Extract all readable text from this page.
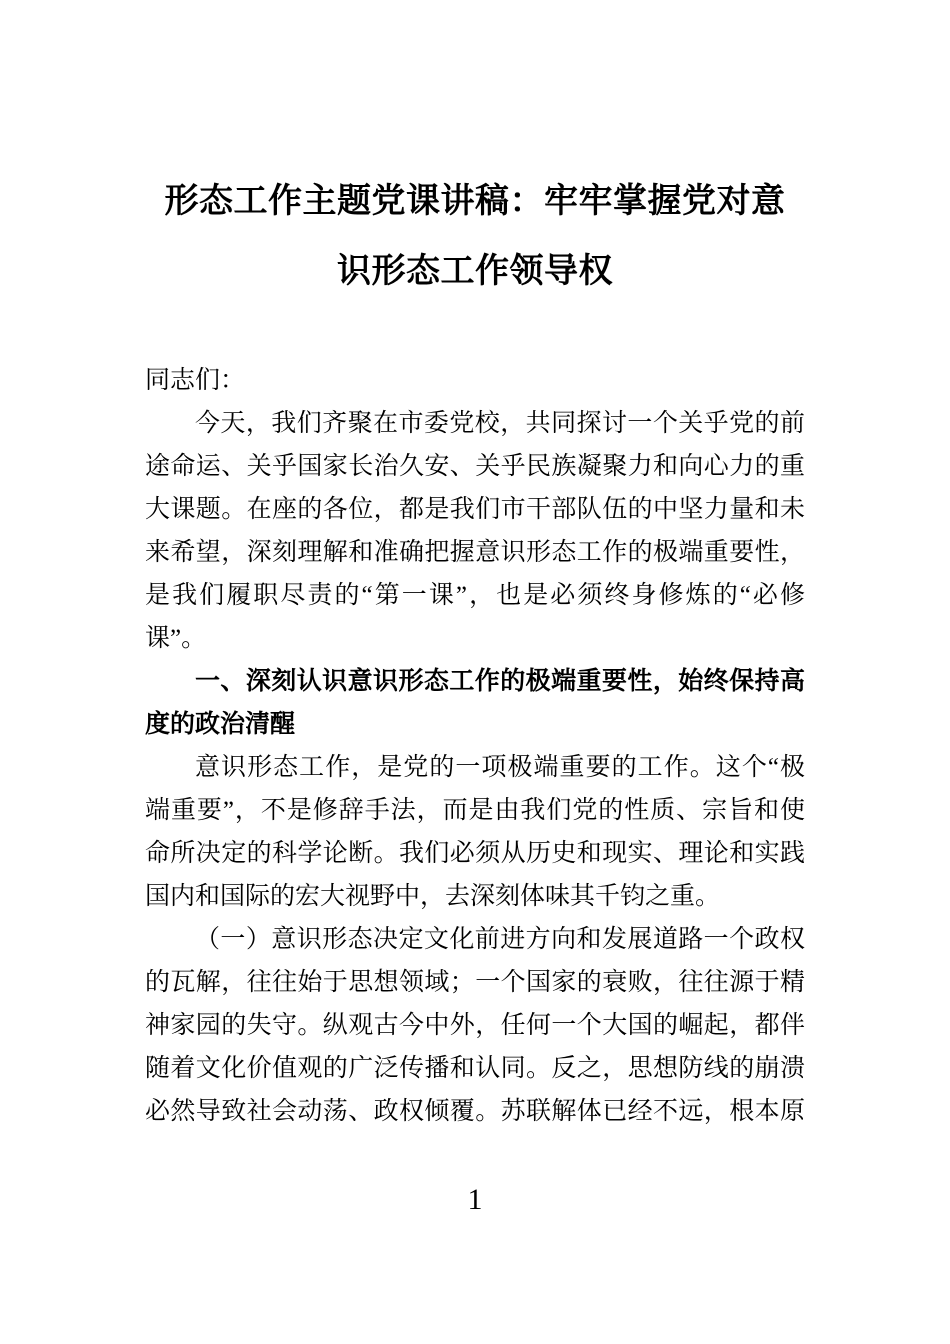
形态工作主题党课讲稿：牢牢掌握党对意
识形态工作领导权
同志们：
今天，我们齐聚在市委党校，共同探讨一个关乎党的前
途命运、关乎国家长治久安、关乎民族凝聚力和向心力的重
大课题。在座的各位，都是我们市干部队伍的中坚力量和未
来希望，深刻理解和准确把握意识形态工作的极端重要性，
是我们履职尽责的“第一课”，也是必须终身修炼的“必修
课”。
一、深刻认识意识形态工作的极端重要性，始终保持高
度的政治清醒
意识形态工作，是党的一项极端重要的工作。这个“极
端重要”，不是修辞手法，而是由我们党的性质、宗旨和使
命所决定的科学论断。我们必须从历史和现实、理论和实践
国内和国际的宏大视野中，去深刻体味其千钧之重。
（一）意识形态决定文化前进方向和发展道路一个政权
的瓦解，往往始于思想领域；一个国家的衰败，往往源于精
神家园的失守。纵观古今中外，任何一个大国的崛起，都伴
随着文化价值观的广泛传播和认同。反之，思想防线的崩溃
必然导致社会动荡、政权倾覆。苏联解体已经不远，根本原
1
